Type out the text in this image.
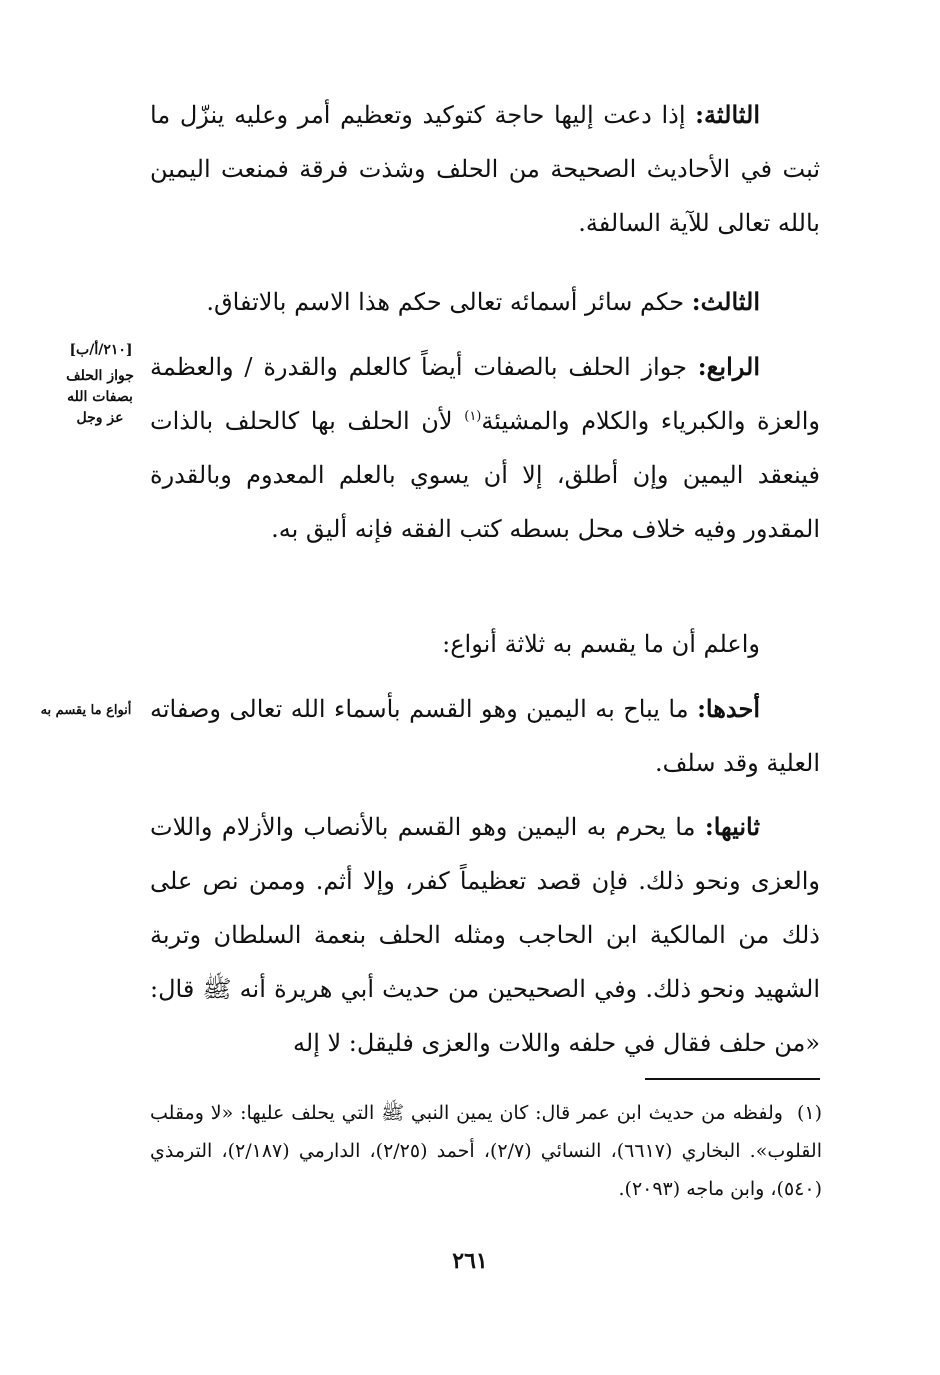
الثالثة: إذا دعت إليها حاجة كتوكيد وتعظيم أمر وعليه ينزّل ما ثبت في الأحاديث الصحيحة من الحلف وشذت فرقة فمنعت اليمين بالله تعالى للآية السالفة.

الثالث: حكم سائر أسمائه تعالى حكم هذا الاسم بالاتفاق.

الرابع: جواز الحلف بالصفات أيضاً كالعلم والقدرة / والعظمة والعزة والكبرياء والكلام والمشيئة$^{(١)}$ لأن الحلف بها كالحلف بالذات فينعقد اليمين وإن أطلق، إلا أن يسوي بالعلم المعدوم وبالقدرة المقدور وفيه خلاف محل بسطه كتب الفقه فإنه أليق به.

واعلم أن ما يقسم به ثلاثة أنواع:

أحدها: ما يباح به اليمين وهو القسم بأسماء الله تعالى وصفاته العلية وقد سلف.

ثانيها: ما يحرم به اليمين وهو القسم بالأنصاب والأزلام واللات والعزى ونحو ذلك. فإن قصد تعظيماً كفر، وإلا أثم. وممن نص على ذلك من المالكية ابن الحاجب ومثله الحلف بنعمة السلطان وتربة الشهيد ونحو ذلك. وفي الصحيحين من حديث أبي هريرة أنه ﷺ قال: «من حلف فقال في حلفه واللات والعزى فليقل: لا إله

[٢١٠/أ/ب]
جواز الحلف
بصفات الله
عز وجل
أنواع ما يقسم به

(١)ولفظه من حديث ابن عمر قال: كان يمين النبي ﷺ التي يحلف عليها: «لا ومقلب القلوب». البخاري (٦٦١٧)، النسائي (٢/٧)، أحمد (٢/٢٥)، الدارمي (٢/١٨٧)، الترمذي (٥٤٠)، وابن ماجه (٢٠٩٣).

٢٦١
